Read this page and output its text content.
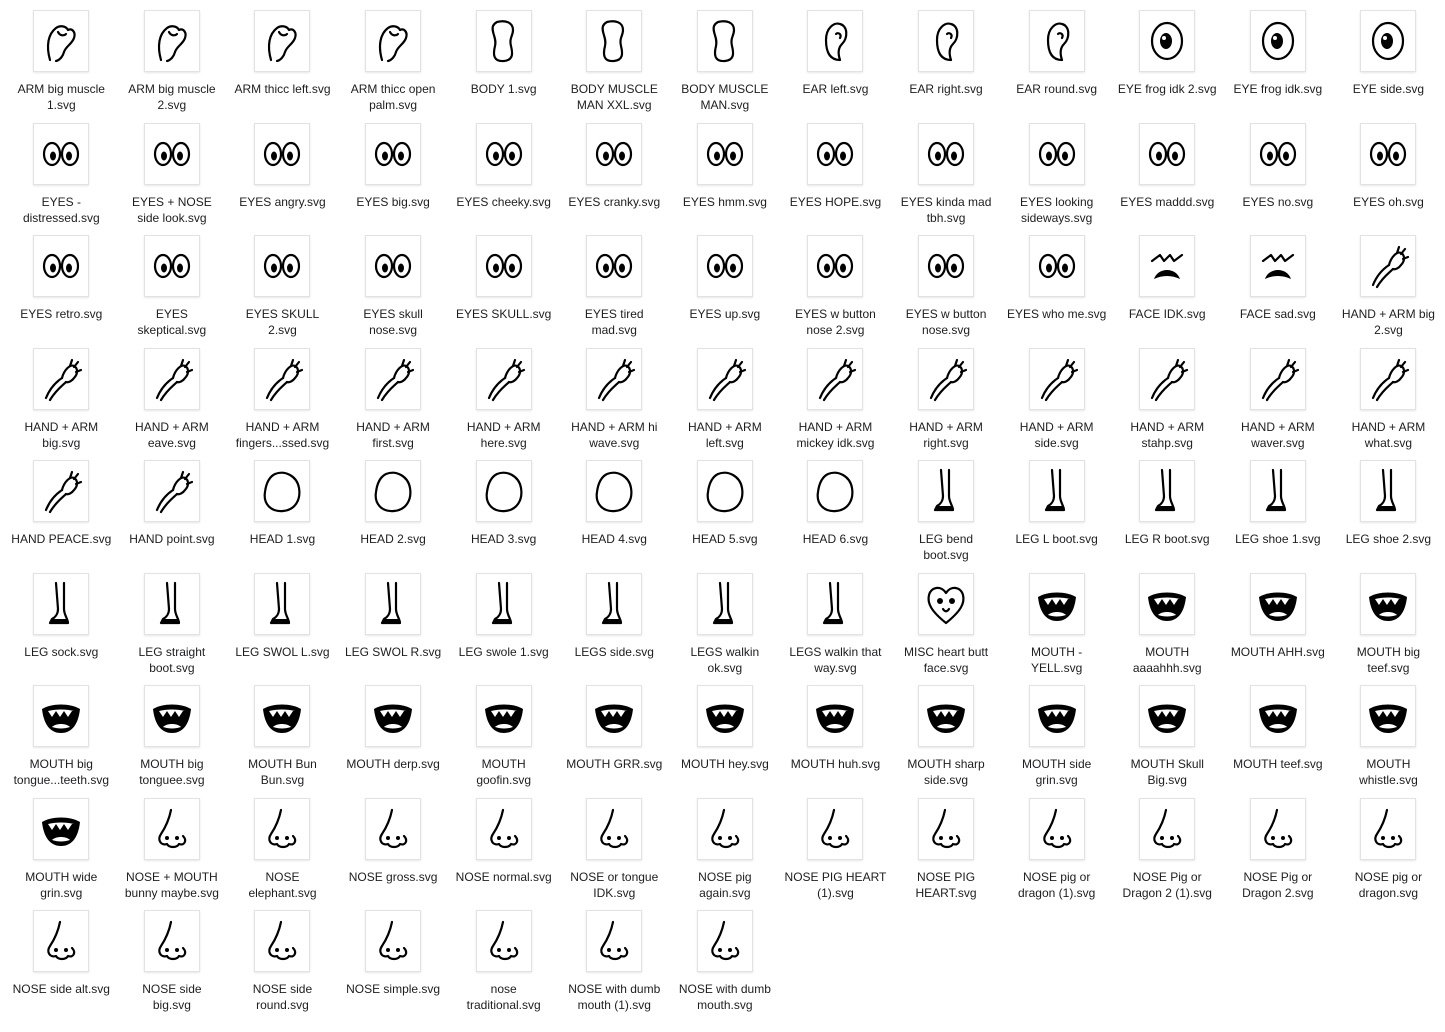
ARM big muscle
1.svg
ARM big muscle
2.svg
ARM thicc left.svg	ARM thicc open
palm.svg
BODY 1.svg	BODY MUSCLE
MAN XXL.svg
BODY MUSCLE
MAN.svg
EAR left.svg	EAR right.svg	EAR round.svg	EYE frog idk 2.svg	EYE frog idk.svg	EYE side.svg
EYES -
distressed.svg
EYES + NOSE
side look.svg
EYES angry.svg	EYES big.svg	EYES cheeky.svg	EYES cranky.svg	EYES hmm.svg	EYES HOPE.svg	EYES kinda mad
tbh.svg
EYES looking
sideways.svg
EYES maddd.svg	EYES no.svg	EYES oh.svg
EYES retro.svg	EYES
skeptical.svg
EYES SKULL
2.svg
EYES skull
nose.svg
EYES SKULL.svg	EYES tired
mad.svg
EYES up.svg	EYES w button
nose 2.svg
EYES w button
nose.svg
EYES who me.svg	FACE IDK.svg	FACE sad.svg	HAND + ARM big
2.svg
HAND + ARM
big.svg
HAND + ARM
eave.svg
HAND + ARM
fingers...ssed.svg
HAND + ARM
first.svg
HAND + ARM
here.svg
HAND + ARM hi
wave.svg
HAND + ARM
left.svg
HAND + ARM
mickey idk.svg
HAND + ARM
right.svg
HAND + ARM
side.svg
HAND + ARM
stahp.svg
HAND + ARM
waver.svg
HAND + ARM
what.svg
HAND PEACE.svg	HAND point.svg	HEAD 1.svg	HEAD 2.svg	HEAD 3.svg	HEAD 4.svg	HEAD 5.svg	HEAD 6.svg	LEG bend
boot.svg
LEG L boot.svg	LEG R boot.svg	LEG shoe 1.svg	LEG shoe 2.svg
LEG sock.svg	LEG straight
boot.svg
LEG SWOL L.svg	LEG SWOL R.svg	LEG swole 1.svg	LEGS side.svg	LEGS walkin
ok.svg
LEGS walkin that
way.svg
MISC heart butt
face.svg
MOUTH -
YELL.svg
MOUTH
aaaahhh.svg
MOUTH AHH.svg	MOUTH big
teef.svg
MOUTH big
tongue...teeth.svg
MOUTH big
tonguee.svg
MOUTH Bun
Bun.svg
MOUTH derp.svg	MOUTH
goofin.svg
MOUTH GRR.svg	MOUTH hey.svg	MOUTH huh.svg	MOUTH sharp
side.svg
MOUTH side
grin.svg
MOUTH Skull
Big.svg
MOUTH teef.svg	MOUTH
whistle.svg
MOUTH wide
grin.svg
NOSE + MOUTH
bunny maybe.svg
NOSE
elephant.svg
NOSE gross.svg	NOSE normal.svg	NOSE or tongue
IDK.svg
NOSE pig
again.svg
NOSE PIG HEART
(1).svg
NOSE PIG
HEART.svg
NOSE pig or
dragon (1).svg
NOSE Pig or
Dragon 2 (1).svg
NOSE Pig or
Dragon 2.svg
NOSE pig or
dragon.svg
NOSE side alt.svg	NOSE side
big.svg
NOSE side
round.svg
NOSE simple.svg	nose
traditional.svg
NOSE with dumb
mouth (1).svg
NOSE with dumb
mouth.svg
